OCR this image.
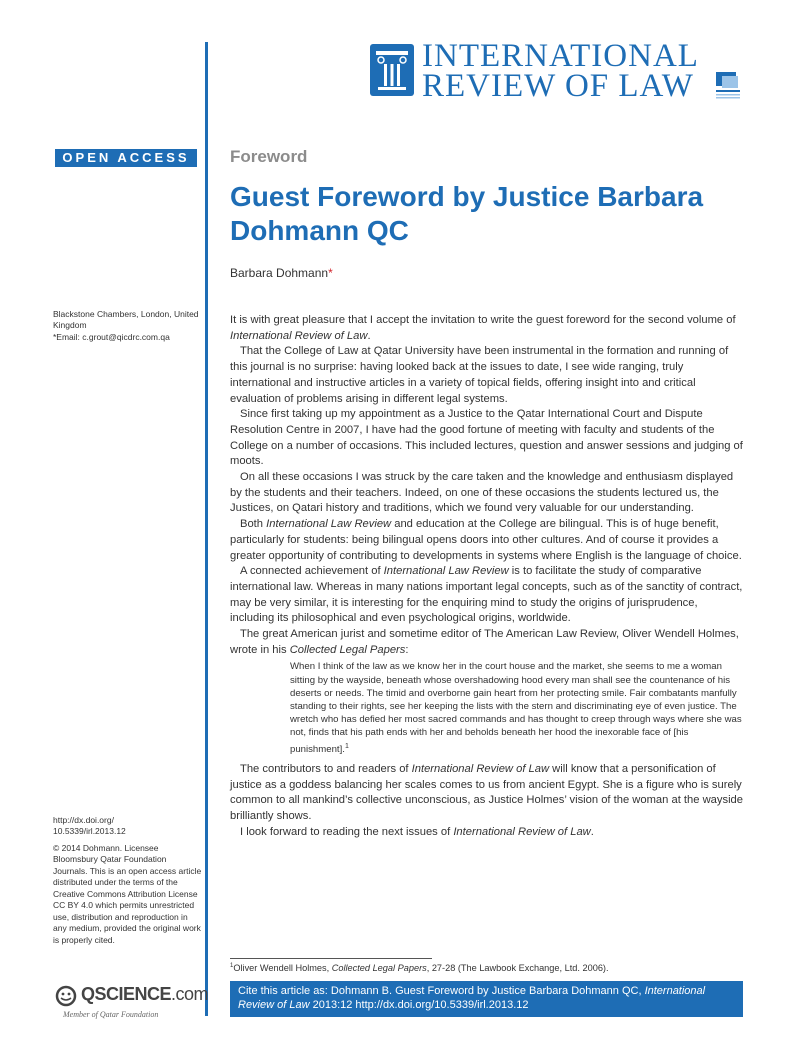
INTERNATIONAL
REVIEW OF LAW
OPEN ACCESS	Foreword
Guest Foreword by Justice Barbara Dohmann QC
Barbara Dohmann*
Blackstone Chambers, London, United Kingdom
*Email: c.grout@qicdrc.com.qa

It is with great pleasure that I accept the invitation to write the guest foreword for the second volume of International Review of Law.

That the College of Law at Qatar University have been instrumental in the formation and running of this journal is no surprise: having looked back at the issues to date, I see wide ranging, truly international and instructive articles in a variety of topical fields, offering insight into and critical evaluation of problems arising in different legal systems.

Since first taking up my appointment as a Justice to the Qatar International Court and Dispute Resolution Centre in 2007, I have had the good fortune of meeting with faculty and students of the College on a number of occasions. This included lectures, question and answer sessions and judging of moots.

On all these occasions I was struck by the care taken and the knowledge and enthusiasm displayed by the students and their teachers. Indeed, on one of these occasions the students lectured us, the Justices, on Qatari history and traditions, which we found very valuable for our understanding.

Both International Law Review and education at the College are bilingual. This is of huge benefit, particularly for students: being bilingual opens doors into other cultures. And of course it provides a greater opportunity of contributing to developments in systems where English is the language of choice.

A connected achievement of International Law Review is to facilitate the study of comparative international law. Whereas in many nations important legal concepts, such as of the sanctity of contract, may be very similar, it is interesting for the enquiring mind to study the origins of jurisprudence, including its philosophical and even psychological origins, worldwide.

The great American jurist and sometime editor of The American Law Review, Oliver Wendell Holmes, wrote in his Collected Legal Papers:

When I think of the law as we know her in the court house and the market, she seems to me a woman sitting by the wayside, beneath whose overshadowing hood every man shall see the countenance of his deserts or needs. The timid and overborne gain heart from her protecting smile. Fair combatants manfully standing to their rights, see her keeping the lists with the stern and discriminating eye of even justice. The wretch who has defied her most sacred commands and has thought to creep through ways where she was not, finds that his path ends with her and beholds beneath her hood the inexorable face of [his punishment].$^1$

The contributors to and readers of International Review of Law will know that a personification of justice as a goddess balancing her scales comes to us from ancient Egypt. She is a figure who is surely common to all mankind’s collective unconscious, as Justice Holmes’ vision of the woman at the wayside brilliantly shows.

I look forward to reading the next issues of International Review of Law.

http://dx.doi.org/
10.5339/irl.2013.12

© 2014 Dohmann. Licensee Bloomsbury Qatar Foundation Journals. This is an open access article distributed under the terms of the Creative Commons Attribution License CC BY 4.0 which permits unrestricted use, distribution and reproduction in any medium, provided the original work is properly cited.

$^1$Oliver Wendell Holmes, Collected Legal Papers, 27-28 (The Lawbook Exchange, Ltd. 2006).
Cite this article as: Dohmann B. Guest Foreword by Justice Barbara Dohmann QC, International Review of Law 2013:12 http://dx.doi.org/10.5339/irl.2013.12
QSCIENCE.com
Member of Qatar Foundation
